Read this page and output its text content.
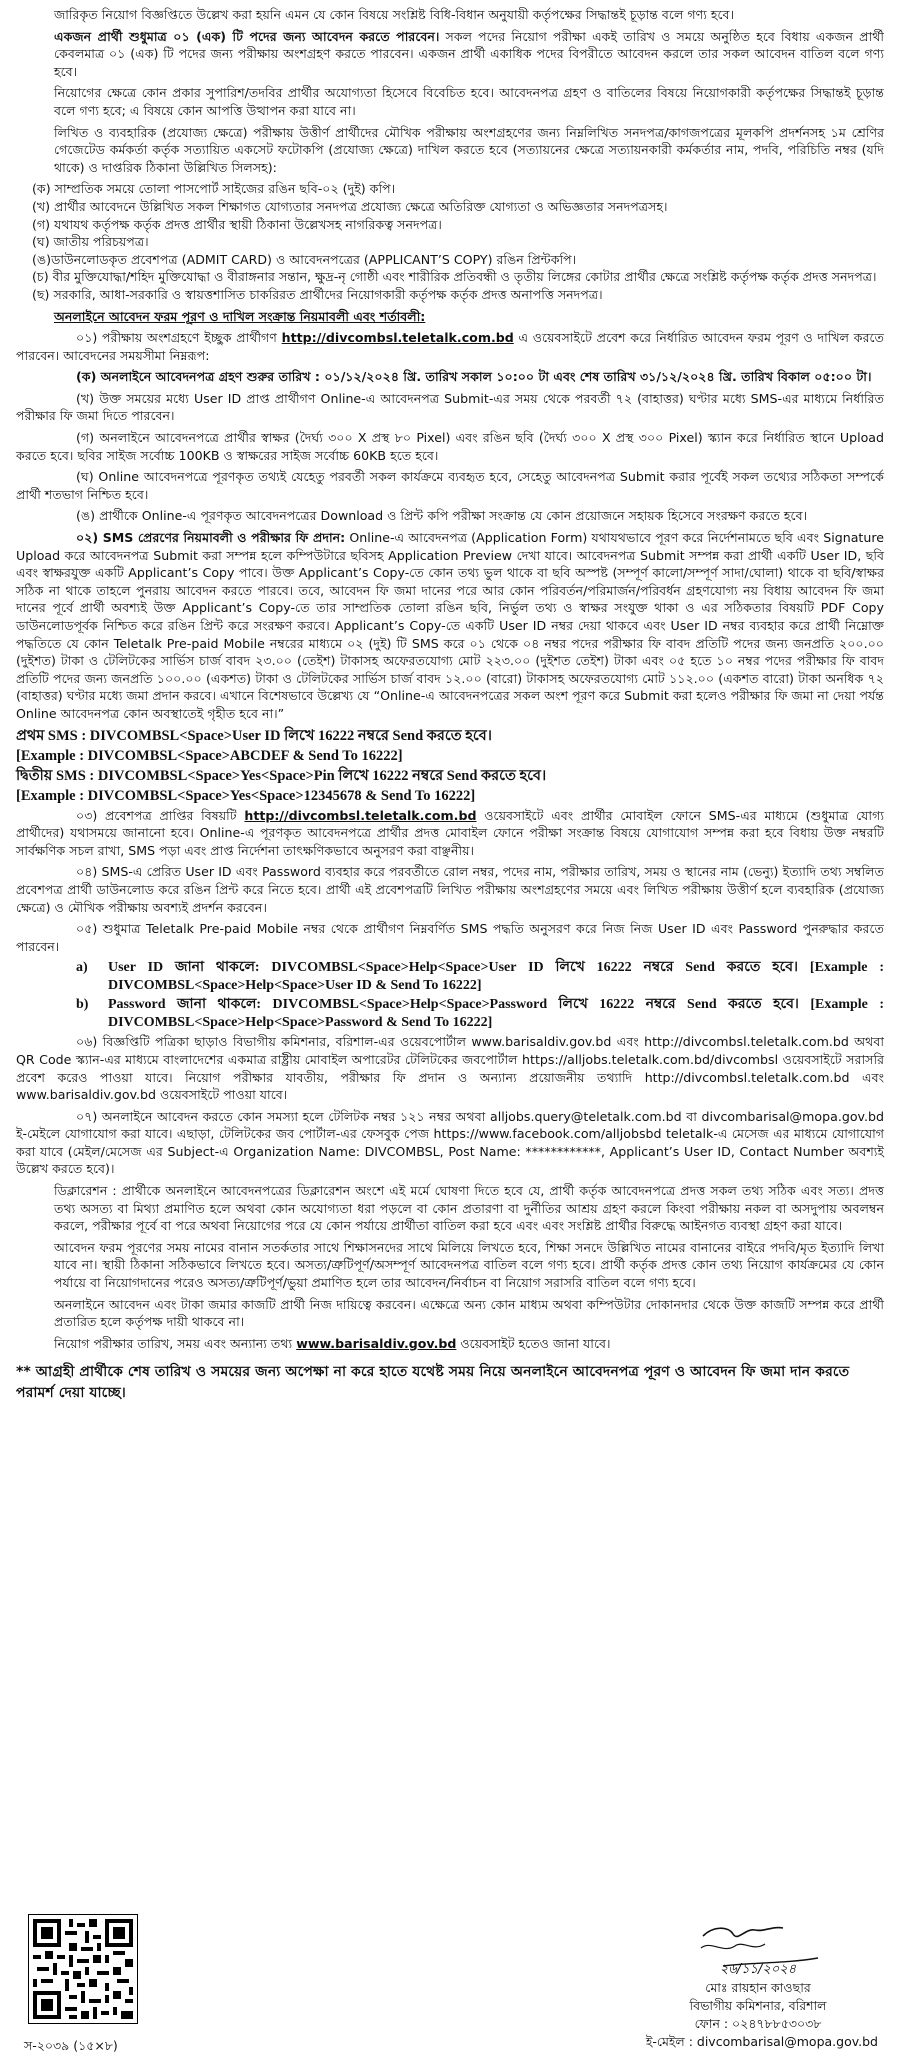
জারিকৃত নিয়োগ বিজ্ঞপ্তিতে উল্লেখ করা হয়নি এমন যে কোন বিষয়ে সংশ্লিষ্ট বিধি-বিধান অনুযায়ী কর্তৃপক্ষের সিদ্ধান্তই চূড়ান্ত বলে গণ্য হবে।

একজন প্রার্থী শুধুমাত্র ০১ (এক) টি পদের জন্য আবেদন করতে পারবেন। সকল পদের নিয়োগ পরীক্ষা একই তারিখ ও সময়ে অনুষ্ঠিত হবে বিধায় একজন প্রার্থী কেবলমাত্র ০১ (এক) টি পদের জন্য পরীক্ষায় অংশগ্রহণ করতে পারবেন। একজন প্রার্থী একাধিক পদের বিপরীতে আবেদন করলে তার সকল আবেদন বাতিল বলে গণ্য হবে।

নিয়োগের ক্ষেত্রে কোন প্রকার সুপারিশ/তদবির প্রার্থীর অযোগ্যতা হিসেবে বিবেচিত হবে। আবেদনপত্র গ্রহণ ও বাতিলের বিষয়ে নিয়োগকারী কর্তৃপক্ষের সিদ্ধান্তই চূড়ান্ত বলে গণ্য হবে; এ বিষয়ে কোন আপত্তি উত্থাপন করা যাবে না।

লিখিত ও ব্যবহারিক (প্রযোজ্য ক্ষেত্রে) পরীক্ষায় উত্তীর্ণ প্রার্থীদের মৌখিক পরীক্ষায় অংশগ্রহণের জন্য নিম্নলিখিত সনদপত্র/কাগজপত্রের মূলকপি প্রদর্শনসহ ১ম শ্রেণির গেজেটেড কর্মকর্তা কর্তৃক সত্যায়িত একসেট ফটোকপি (প্রযোজ্য ক্ষেত্রে) দাখিল করতে হবে (সত্যায়নের ক্ষেত্রে সত্যায়নকারী কর্মকর্তার নাম, পদবি, পরিচিতি নম্বর (যদি থাকে) ও দাপ্তরিক ঠিকানা উল্লিখিত সিলসহ):

(ক) সাম্প্রতিক সময়ে তোলা পাসপোর্ট সাইজের রঙিন ছবি-০২ (দুই) কপি।

(খ) প্রার্থীর আবেদনে উল্লিখিত সকল শিক্ষাগত যোগ্যতার সনদপত্র প্রযোজ্য ক্ষেত্রে অতিরিক্ত যোগ্যতা ও অভিজ্ঞতার সনদপত্রসহ।

(গ) যথাযথ কর্তৃপক্ষ কর্তৃক প্রদত্ত প্রার্থীর স্থায়ী ঠিকানা উল্লেখসহ নাগরিকত্ব সনদপত্র।

(ঘ) জাতীয় পরিচয়পত্র।

(ঙ)ডাউনলোডকৃত প্রবেশপত্র (ADMIT CARD) ও আবেদনপত্রের (APPLICANT’S COPY) রঙিন প্রিন্টকপি।

(চ) বীর মুক্তিযোদ্ধা/শহিদ মুক্তিযোদ্ধা ও বীরাঙ্গনার সন্তান, ক্ষুদ্র-নৃ গোষ্ঠী এবং শারীরিক প্রতিবন্ধী ও তৃতীয় লিঙ্গের কোটার প্রার্থীর ক্ষেত্রে সংশ্লিষ্ট কর্তৃপক্ষ কর্তৃক প্রদত্ত সনদপত্র।

(ছ) সরকারি, আধা-সরকারি ও স্বায়ত্তশাসিত চাকরিরত প্রার্থীদের নিয়োগকারী কর্তৃপক্ষ কর্তৃক প্রদত্ত অনাপত্তি সনদপত্র।

অনলাইনে আবেদন ফরম পূরণ ও দাখিল সংক্রান্ত নিয়মাবলী এবং শর্তাবলী:

০১) পরীক্ষায় অংশগ্রহণে ইচ্ছুক প্রার্থীগণ http://divcombsl.teletalk.com.bd এ ওয়েবসাইটে প্রবেশ করে নির্ধারিত আবেদন ফরম পূরণ ও দাখিল করতে পারবেন। আবেদনের সময়সীমা নিম্নরূপ:

(ক) অনলাইনে আবেদনপত্র গ্রহণ শুরুর তারিখ : ০১/১২/২০২৪ খ্রি. তারিখ সকাল ১০:০০ টা এবং শেষ তারিখ ৩১/১২/২০২৪ খ্রি. তারিখ বিকাল ০৫:০০ টা।

(খ) উক্ত সময়ের মধ্যে User ID প্রাপ্ত প্রার্থীগণ Online-এ আবেদনপত্র Submit-এর সময় থেকে পরবর্তী ৭২ (বাহাত্তর) ঘণ্টার মধ্যে SMS-এর মাধ্যমে নির্ধারিত পরীক্ষার ফি জমা দিতে পারবেন।

(গ) অনলাইনে আবেদনপত্রে প্রার্থীর স্বাক্ষর (দৈর্ঘ্য ৩০০ X প্রস্থ ৮০ Pixel) এবং রঙিন ছবি (দৈর্ঘ্য ৩০০ X প্রস্থ ৩০০ Pixel) স্ক্যান করে নির্ধারিত স্থানে Upload করতে হবে। ছবির সাইজ সর্বোচ্চ 100KB ও স্বাক্ষরের সাইজ সর্বোচ্চ 60KB হতে হবে।

(ঘ) Online আবেদনপত্রে পূরণকৃত তথ্যই যেহেতু পরবর্তী সকল কার্যক্রমে ব্যবহৃত হবে, সেহেতু আবেদনপত্র Submit করার পূর্বেই সকল তথ্যের সঠিকতা সম্পর্কে প্রার্থী শতভাগ নিশ্চিত হবে।

(ঙ) প্রার্থীকে Online-এ পূরণকৃত আবেদনপত্রের Download ও প্রিন্ট কপি পরীক্ষা সংক্রান্ত যে কোন প্রয়োজনে সহায়ক হিসেবে সংরক্ষণ করতে হবে।

০২) SMS প্রেরণের নিয়মাবলী ও পরীক্ষার ফি প্রদান: Online-এ আবেদনপত্র (Application Form) যথাযথভাবে পূরণ করে নির্দেশনামতে ছবি এবং Signature Upload করে আবেদনপত্র Submit করা সম্পন্ন হলে কম্পিউটারে ছবিসহ Application Preview দেখা যাবে। আবেদনপত্র Submit সম্পন্ন করা প্রার্থী একটি User ID, ছবি এবং স্বাক্ষরযুক্ত একটি Applicant’s Copy পাবে। উক্ত Applicant’s Copy-তে কোন তথ্য ভুল থাকে বা ছবি অস্পষ্ট (সম্পূর্ণ কালো/সম্পূর্ণ সাদা/ঘোলা) থাকে বা ছবি/স্বাক্ষর সঠিক না থাকে তাহলে পুনরায় আবেদন করতে পারবে। তবে, আবেদন ফি জমা দানের পরে আর কোন পরিবর্তন/পরিমার্জন/পরিবর্ধন গ্রহণযোগ্য নয় বিধায় আবেদন ফি জমা দানের পূর্বে প্রার্থী অবশ্যই উক্ত Applicant’s Copy-তে তার সাম্প্রতিক তোলা রঙিন ছবি, নির্ভুল তথ্য ও স্বাক্ষর সংযুক্ত থাকা ও এর সঠিকতার বিষয়টি PDF Copy ডাউনলোডপূর্বক নিশ্চিত করে রঙিন প্রিন্ট করে সংরক্ষণ করবে। Applicant’s Copy-তে একটি User ID নম্বর দেয়া থাকবে এবং User ID নম্বর ব্যবহার করে প্রার্থী নিম্নোক্ত পদ্ধতিতে যে কোন Teletalk Pre-paid Mobile নম্বরের মাধ্যমে ০২ (দুই) টি SMS করে ০১ থেকে ০৪ নম্বর পদের পরীক্ষার ফি বাবদ প্রতিটি পদের জন্য জনপ্রতি ২০০.০০ (দুইশত) টাকা ও টেলিটকের সার্ভিস চার্জ বাবদ ২৩.০০ (তেইশ) টাকাসহ অফেরতযোগ্য মোট ২২৩.০০ (দুইশত তেইশ) টাকা এবং ০৫ হতে ১০ নম্বর পদের পরীক্ষার ফি বাবদ প্রতিটি পদের জন্য জনপ্রতি ১০০.০০ (একশত) টাকা ও টেলিটকের সার্ভিস চার্জ বাবদ ১২.০০ (বারো) টাকাসহ অফেরতযোগ্য মোট ১১২.০০ (একশত বারো) টাকা অনধিক ৭২ (বাহাত্তর) ঘণ্টার মধ্যে জমা প্রদান করবে। এখানে বিশেষভাবে উল্লেখ্য যে “Online-এ আবেদনপত্রের সকল অংশ পূরণ করে Submit করা হলেও পরীক্ষার ফি জমা না দেয়া পর্যন্ত Online আবেদনপত্র কোন অবস্থাতেই গৃহীত হবে না।”

প্রথম SMS : DIVCOMBSL<Space>User ID লিখে 16222 নম্বরে Send করতে হবে।

[Example : DIVCOMBSL<Space>ABCDEF & Send To 16222]

দ্বিতীয় SMS : DIVCOMBSL<Space>Yes<Space>Pin লিখে 16222 নম্বরে Send করতে হবে।

[Example : DIVCOMBSL<Space>Yes<Space>12345678 & Send To 16222]

০৩) প্রবেশপত্র প্রাপ্তির বিষয়টি http://divcombsl.teletalk.com.bd ওয়েবসাইটে এবং প্রার্থীর মোবাইল ফোনে SMS-এর মাধ্যমে (শুধুমাত্র যোগ্য প্রার্থীদের) যথাসময়ে জানানো হবে। Online-এ পূরণকৃত আবেদনপত্রে প্রার্থীর প্রদত্ত মোবাইল ফোনে পরীক্ষা সংক্রান্ত বিষয়ে যোগাযোগ সম্পন্ন করা হবে বিধায় উক্ত নম্বরটি সার্বক্ষণিক সচল রাখা, SMS পড়া এবং প্রাপ্ত নির্দেশনা তাৎক্ষণিকভাবে অনুসরণ করা বাঞ্ছনীয়।

০৪) SMS-এ প্রেরিত User ID এবং Password ব্যবহার করে পরবর্তীতে রোল নম্বর, পদের নাম, পরীক্ষার তারিখ, সময় ও স্থানের নাম (ভেন্যু) ইত্যাদি তথ্য সম্বলিত প্রবেশপত্র প্রার্থী ডাউনলোড করে রঙিন প্রিন্ট করে নিতে হবে। প্রার্থী এই প্রবেশপত্রটি লিখিত পরীক্ষায় অংশগ্রহণের সময়ে এবং লিখিত পরীক্ষায় উত্তীর্ণ হলে ব্যবহারিক (প্রযোজ্য ক্ষেত্রে) ও মৌখিক পরীক্ষায় অবশ্যই প্রদর্শন করবেন।

০৫) শুধুমাত্র Teletalk Pre-paid Mobile নম্বর থেকে প্রার্থীগণ নিম্নবর্ণিত SMS পদ্ধতি অনুসরণ করে নিজ নিজ User ID এবং Password পুনরুদ্ধার করতে পারবেন।

a)	User ID জানা থাকলে: DIVCOMBSL<Space>Help<Space>User ID লিখে 16222 নম্বরে Send করতে হবে। [Example : DIVCOMBSL<Space>Help<Space>User ID & Send To 16222]
b)	Password জানা থাকলে: DIVCOMBSL<Space>Help<Space>Password লিখে 16222 নম্বরে Send করতে হবে। [Example : DIVCOMBSL<Space>Help<Space>Password & Send To 16222]

০৬) বিজ্ঞপ্তিটি পত্রিকা ছাড়াও বিভাগীয় কমিশনার, বরিশাল-এর ওয়েবপোর্টাল www.barisaldiv.gov.bd এবং http://divcombsl.teletalk.com.bd অথবা QR Code স্ক্যান-এর মাধ্যমে বাংলাদেশের একমাত্র রাষ্ট্রীয় মোবাইল অপারেটর টেলিটকের জবপোর্টাল https://alljobs.teletalk.com.bd/divcombsl ওয়েবসাইটে সরাসরি প্রবেশ করেও পাওয়া যাবে। নিয়োগ পরীক্ষার যাবতীয়, পরীক্ষার ফি প্রদান ও অন্যান্য প্রয়োজনীয় তথ্যাদি http://divcombsl.teletalk.com.bd এবং www.barisaldiv.gov.bd ওয়েবসাইটে পাওয়া যাবে।

০৭) অনলাইনে আবেদন করতে কোন সমস্যা হলে টেলিটক নম্বর ১২১ নম্বর অথবা alljobs.query@teletalk.com.bd বা divcombarisal@mopa.gov.bd ই-মেইলে যোগাযোগ করা যাবে। এছাড়া, টেলিটকের জব পোর্টাল-এর ফেসবুক পেজ https://www.facebook.com/alljobsbd teletalk-এ মেসেজ এর মাধ্যমে যোগাযোগ করা যাবে (মেইল/মেসেজ এর Subject-এ Organization Name: DIVCOMBSL, Post Name: ************, Applicant’s User ID, Contact Number অবশ্যই উল্লেখ করতে হবে)।

ডিক্লারেশন : প্রার্থীকে অনলাইনে আবেদনপত্রের ডিক্লারেশন অংশে এই মর্মে ঘোষণা দিতে হবে যে, প্রার্থী কর্তৃক আবেদনপত্রে প্রদত্ত সকল তথ্য সঠিক এবং সত্য। প্রদত্ত তথ্য অসত্য বা মিথ্যা প্রমাণিত হলে অথবা কোন অযোগ্যতা ধরা পড়লে বা কোন প্রতারণা বা দুর্নীতির আশ্রয় গ্রহণ করলে কিংবা পরীক্ষায় নকল বা অসদুপায় অবলম্বন করলে, পরীক্ষার পূর্বে বা পরে অথবা নিয়োগের পরে যে কোন পর্যায়ে প্রার্থীতা বাতিল করা হবে এবং এবং সংশ্লিষ্ট প্রার্থীর বিরুদ্ধে আইনগত ব্যবস্থা গ্রহণ করা যাবে।

আবেদন ফরম পূরণের সময় নামের বানান সতর্কতার সাথে শিক্ষাসনদের সাথে মিলিয়ে লিখতে হবে, শিক্ষা সনদে উল্লিখিত নামের বানানের বাইরে পদবি/মৃত ইত্যাদি লিখা যাবে না। স্থায়ী ঠিকানা সঠিকভাবে লিখতে হবে। অসত্য/ত্রুটিপূর্ণ/অসম্পূর্ণ আবেদনপত্র বাতিল বলে গণ্য হবে। প্রার্থী কর্তৃক প্রদত্ত কোন তথ্য নিয়োগ কার্যক্রমের যে কোন পর্যায়ে বা নিয়োগদানের পরেও অসত্য/ত্রুটিপূর্ণ/ভুয়া প্রমাণিত হলে তার আবেদন/নির্বাচন বা নিয়োগ সরাসরি বাতিল বলে গণ্য হবে।

অনলাইনে আবেদন এবং টাকা জমার কাজটি প্রার্থী নিজ দায়িত্বে করবেন। এক্ষেত্রে অন্য কোন মাধ্যম অথবা কম্পিউটার দোকানদার থেকে উক্ত কাজটি সম্পন্ন করে প্রার্থী প্রতারিত হলে কর্তৃপক্ষ দায়ী থাকবে না।

নিয়োগ পরীক্ষার তারিখ, সময় এবং অন্যান্য তথ্য www.barisaldiv.gov.bd ওয়েবসাইট হতেও জানা যাবে।

** আগ্রহী প্রার্থীকে শেষ তারিখ ও সময়ের জন্য অপেক্ষা না করে হাতে যথেষ্ট সময় নিয়ে অনলাইনে আবেদনপত্র পূরণ ও আবেদন ফি জমা দান করতে পরামর্শ দেয়া যাচ্ছে।

স-২০৩৯ (১৫×৮)
২৬/১১/২০২৪
মোঃ রায়হান কাওছার
বিভাগীয় কমিশনার, বরিশাল
ফোন : ০২৪৭৮৮৫৩০৩৮
ই-মেইল : divcombarisal@mopa.gov.bd
